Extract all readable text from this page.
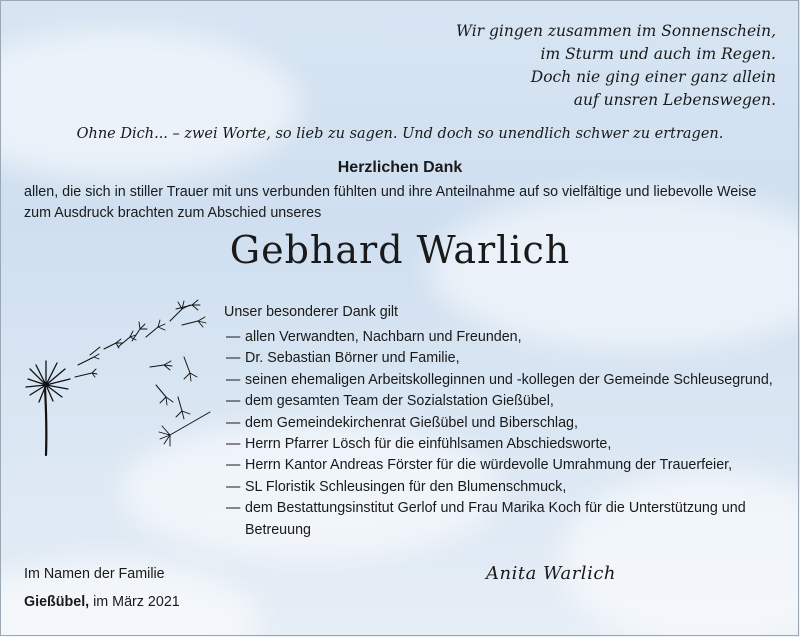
Wir gingen zusammen im Sonnenschein,
im Sturm und auch im Regen.
Doch nie ging einer ganz allein
auf unsren Lebenswegen.
Ohne Dich... – zwei Worte, so lieb zu sagen. Und doch so unendlich schwer zu ertragen.
Herzlichen Dank
allen, die sich in stiller Trauer mit uns verbunden fühlten und ihre Anteilnahme auf so vielfältige und liebevolle Weise zum Ausdruck brachten zum Abschied unseres
Gebhard Warlich
Unser besonderer Dank gilt
— allen Verwandten, Nachbarn und Freunden,
— Dr. Sebastian Börner und Familie,
— seinen ehemaligen Arbeitskolleginnen und -kollegen der Gemeinde Schleusegrund,
— dem gesamten Team der Sozialstation Gießübel,
— dem Gemeindekirchenrat Gießübel und Biberschlag,
— Herrn Pfarrer Lösch für die einfühlsamen Abschiedsworte,
— Herrn Kantor Andreas Förster für die würdevolle Umrahmung der Trauerfeier,
— SL Floristik Schleusingen für den Blumenschmuck,
— dem Bestattungsinstitut Gerlof und Frau Marika Koch für die Unterstützung und Betreuung
Im Namen der Familie
Gießübel, im März 2021
Anita Warlich
